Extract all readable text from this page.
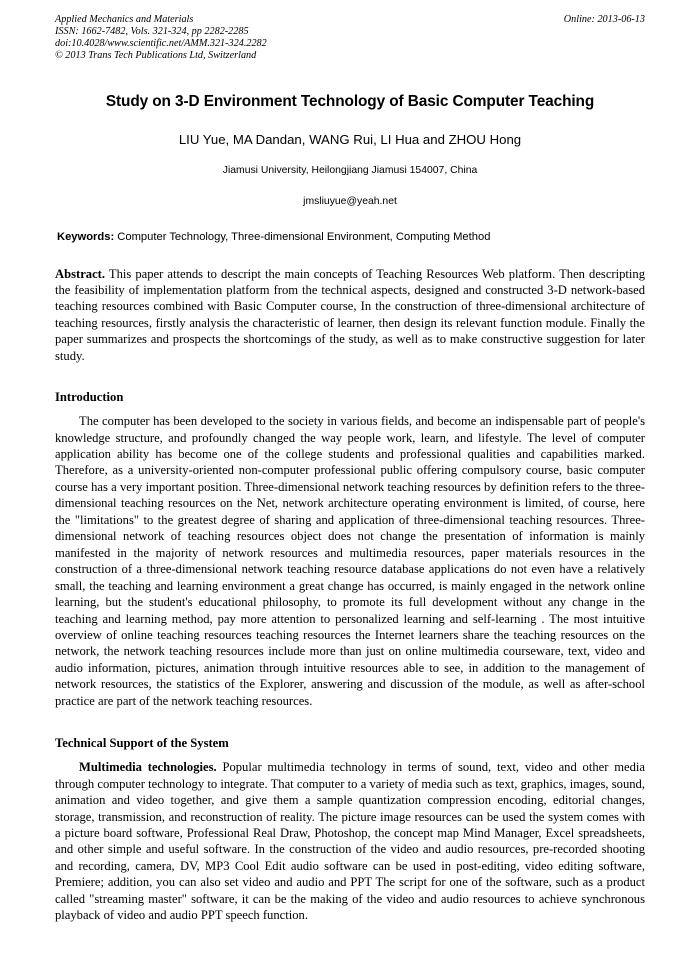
Applied Mechanics and Materials
ISSN: 1662-7482, Vols. 321-324, pp 2282-2285
doi:10.4028/www.scientific.net/AMM.321-324.2282
© 2013 Trans Tech Publications Ltd, Switzerland
Online: 2013-06-13
Study on 3-D Environment Technology of Basic Computer Teaching
LIU Yue, MA Dandan, WANG Rui, LI Hua and ZHOU Hong
Jiamusi University, Heilongjiang Jiamusi 154007, China
jmsliuyue@yeah.net
Keywords: Computer Technology, Three-dimensional Environment, Computing Method
Abstract. This paper attends to descript the main concepts of Teaching Resources Web platform. Then descripting the feasibility of implementation platform from the technical aspects, designed and constructed 3-D network-based teaching resources combined with Basic Computer course, In the construction of three-dimensional architecture of teaching resources, firstly analysis the characteristic of learner, then design its relevant function module. Finally the paper summarizes and prospects the shortcomings of the study, as well as to make constructive suggestion for later study.
Introduction

The computer has been developed to the society in various fields, and become an indispensable part of people's knowledge structure, and profoundly changed the way people work, learn, and lifestyle. The level of computer application ability has become one of the college students and professional qualities and capabilities marked. Therefore, as a university-oriented non-computer professional public offering compulsory course, basic computer course has a very important position. Three-dimensional network teaching resources by definition refers to the three-dimensional teaching resources on the Net, network architecture operating environment is limited, of course, here the "limitations" to the greatest degree of sharing and application of three-dimensional teaching resources. Three-dimensional network of teaching resources object does not change the presentation of information is mainly manifested in the majority of network resources and multimedia resources, paper materials resources in the construction of a three-dimensional network teaching resource database applications do not even have a relatively small, the teaching and learning environment a great change has occurred, is mainly engaged in the network online learning, but the student's educational philosophy, to promote its full development without any change in the teaching and learning method, pay more attention to personalized learning and self-learning . The most intuitive overview of online teaching resources teaching resources the Internet learners share the teaching resources on the network, the network teaching resources include more than just on online multimedia courseware, text, video and audio information, pictures, animation through intuitive resources able to see, in addition to the management of network resources, the statistics of the Explorer, answering and discussion of the module, as well as after-school practice are part of the network teaching resources.

Technical Support of the System

Multimedia technologies. Popular multimedia technology in terms of sound, text, video and other media through computer technology to integrate. That computer to a variety of media such as text, graphics, images, sound, animation and video together, and give them a sample quantization compression encoding, editorial changes, storage, transmission, and reconstruction of reality. The picture image resources can be used the system comes with a picture board software, Professional Real Draw, Photoshop, the concept map Mind Manager, Excel spreadsheets, and other simple and useful software. In the construction of the video and audio resources, pre-recorded shooting and recording, camera, DV, MP3 Cool Edit audio software can be used in post-editing, video editing software, Premiere; addition, you can also set video and audio and PPT The script for one of the software, such as a product called "streaming master" software, it can be the making of the video and audio resources to achieve synchronous playback of video and audio PPT speech function.
